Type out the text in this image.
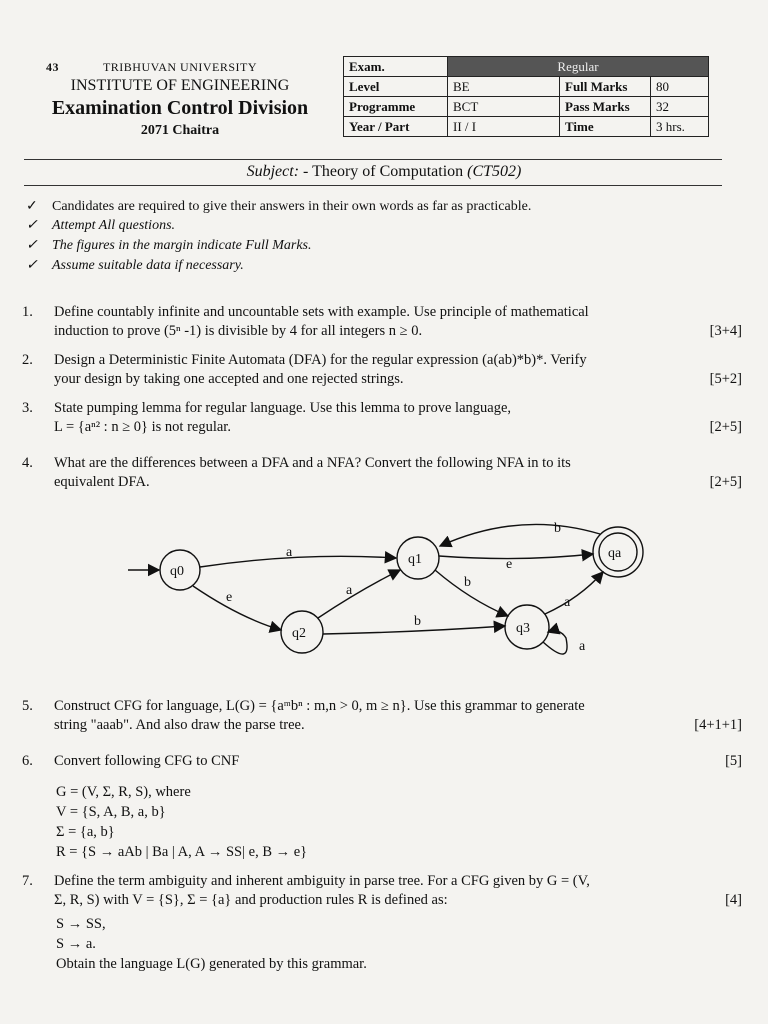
43	TRIBHUVAN UNIVERSITY
INSTITUTE OF ENGINEERING
Examination Control Division
2071 Chaitra
Exam.	Regular		
Level	BE	Full Marks	80
Programme	BCT	Pass Marks	32
Year / Part	II / I	Time	3 hrs.
Subject: - Theory of Computation (CT502)
✓ Candidates are required to give their answers in their own words as far as practicable.
✓ Attempt All questions.
✓ The figures in the margin indicate Full Marks.
✓ Assume suitable data if necessary.
1.	Define countably infinite and uncountable sets with example. Use principle of mathematical
induction to prove (5ⁿ -1) is divisible by 4 for all integers n ≥ 0.	[3+4]
2.	Design a Deterministic Finite Automata (DFA) for the regular expression (a(ab)*b)*. Verify
your design by taking one accepted and one rejected strings.	[5+2]
3.	State pumping lemma for regular language. Use this lemma to prove language,
L = {aⁿ² : n ≥ 0} is not regular.	[2+5]
4.	What are the differences between a DFA and a NFA? Convert the following NFA in to its
equivalent DFA.	[2+5]
q0
q1
q2	q3
qa
a
e	a
b
b
b
e
a
a
5.	Construct CFG for language, L(G) = {aᵐbⁿ : m,n > 0, m ≥ n}. Use this grammar to generate
string "aaab". And also draw the parse tree.	[4+1+1]
6.	Convert following CFG to CNF	[5]
G = (V, Σ, R, S), where
V = {S, A, B, a, b}
Σ = {a, b}
R = {S → aAb | Ba | A, A → SS| e, B → e}
7.	Define the term ambiguity and inherent ambiguity in parse tree. For a CFG given by G = (V,
Σ, R, S) with V = {S}, Σ = {a} and production rules R is defined as:	[4]
S → SS,
S → a.
Obtain the language L(G) generated by this grammar.
